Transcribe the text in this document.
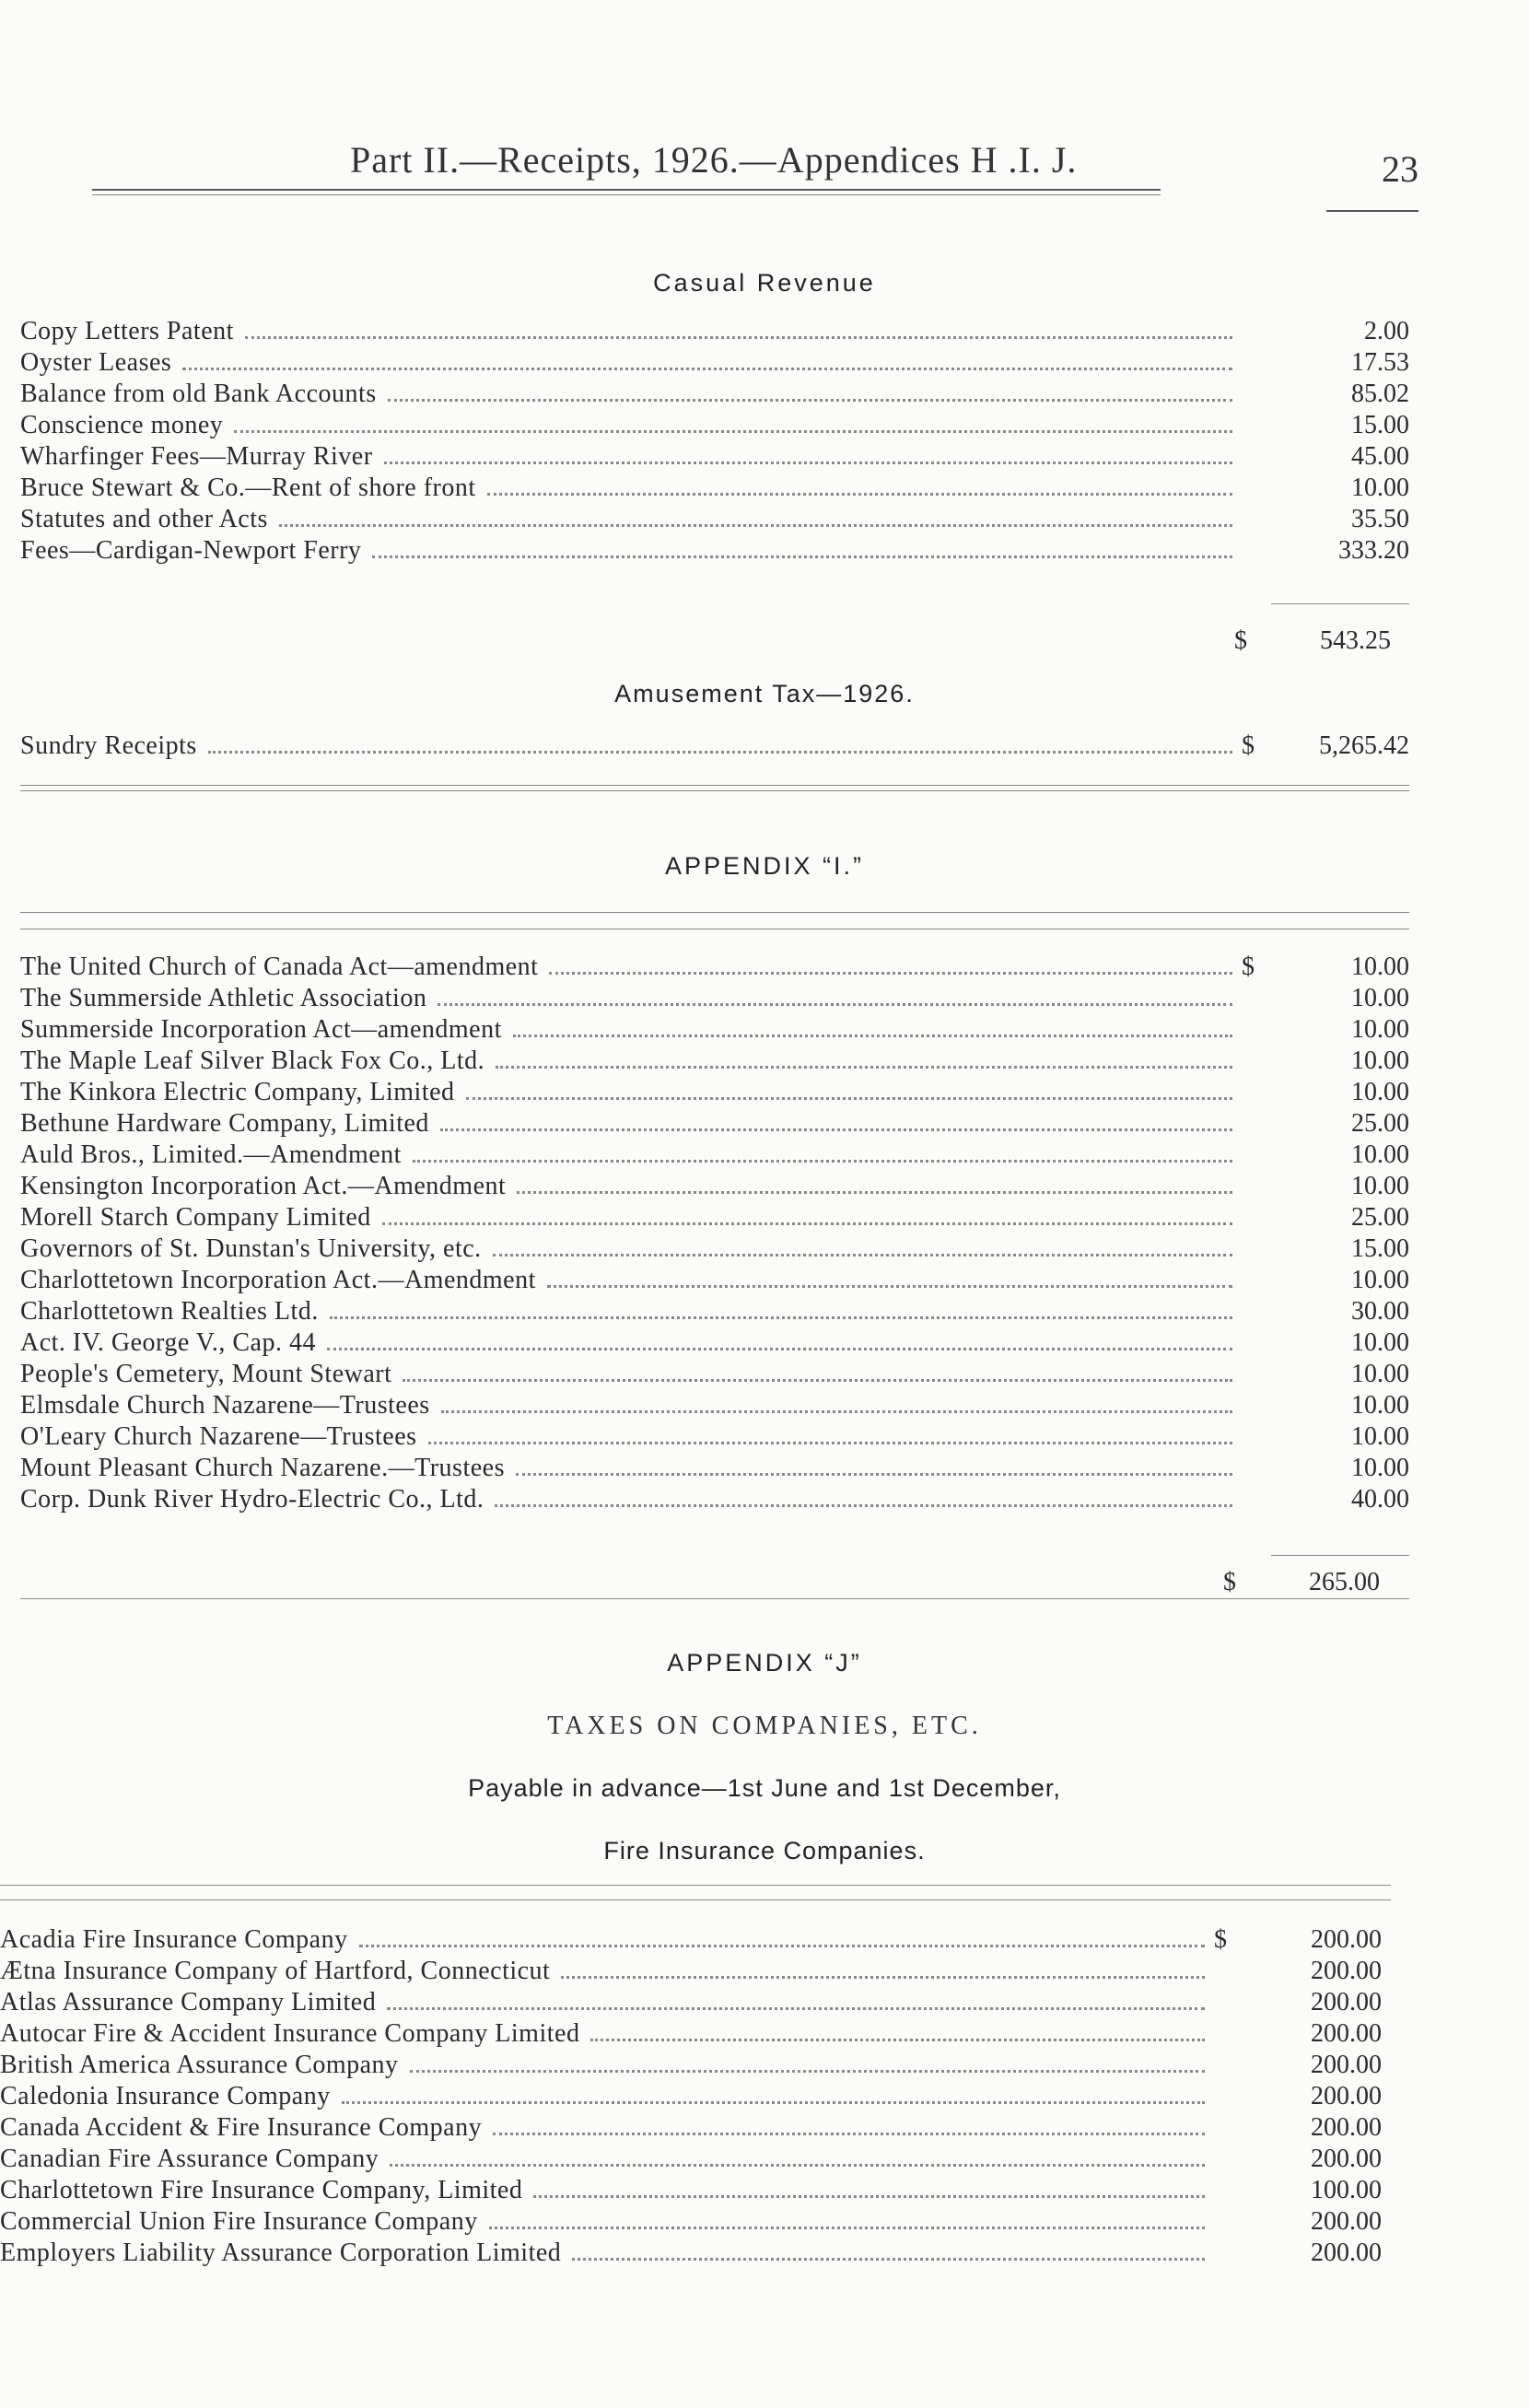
Part II.—Receipts, 1926.—Appendices H .I. J.	23
Casual Revenue
Copy Letters Patent	2.00
Oyster Leases	17.53
Balance from old Bank Accounts	85.02
Conscience money	15.00
Wharfinger Fees—Murray River	45.00
Bruce Stewart & Co.—Rent of shore front	10.00
Statutes and other Acts	35.50
Fees—Cardigan-Newport Ferry	333.20
$	543.25
Amusement Tax—1926.
Sundry Receipts	$	5,265.42
APPENDIX “I.”
The United Church of Canada Act—amendment	$	10.00
The Summerside Athletic Association	10.00
Summerside Incorporation Act—amendment	10.00
The Maple Leaf Silver Black Fox Co., Ltd.	10.00
The Kinkora Electric Company, Limited	10.00
Bethune Hardware Company, Limited	25.00
Auld Bros., Limited.—Amendment	10.00
Kensington Incorporation Act.—Amendment	10.00
Morell Starch Company Limited	25.00
Governors of St. Dunstan's University, etc.	15.00
Charlottetown Incorporation Act.—Amendment	10.00
Charlottetown Realties Ltd.	30.00
Act. IV. George V., Cap. 44	10.00
People's Cemetery, Mount Stewart	10.00
Elmsdale Church Nazarene—Trustees	10.00
O'Leary Church Nazarene—Trustees	10.00
Mount Pleasant Church Nazarene.—Trustees	10.00
Corp. Dunk River Hydro-Electric Co., Ltd.	40.00
$	265.00
APPENDIX “J”
TAXES ON COMPANIES, ETC.
Payable in advance—1st June and 1st December,
Fire Insurance Companies.
Acadia Fire Insurance Company	$	200.00
Ætna Insurance Company of Hartford, Connecticut	200.00
Atlas Assurance Company Limited	200.00
Autocar Fire & Accident Insurance Company Limited	200.00
British America Assurance Company	200.00
Caledonia Insurance Company	200.00
Canada Accident & Fire Insurance Company	200.00
Canadian Fire Assurance Company	200.00
Charlottetown Fire Insurance Company, Limited	100.00
Commercial Union Fire Insurance Company	200.00
Employers Liability Assurance Corporation Limited	200.00
